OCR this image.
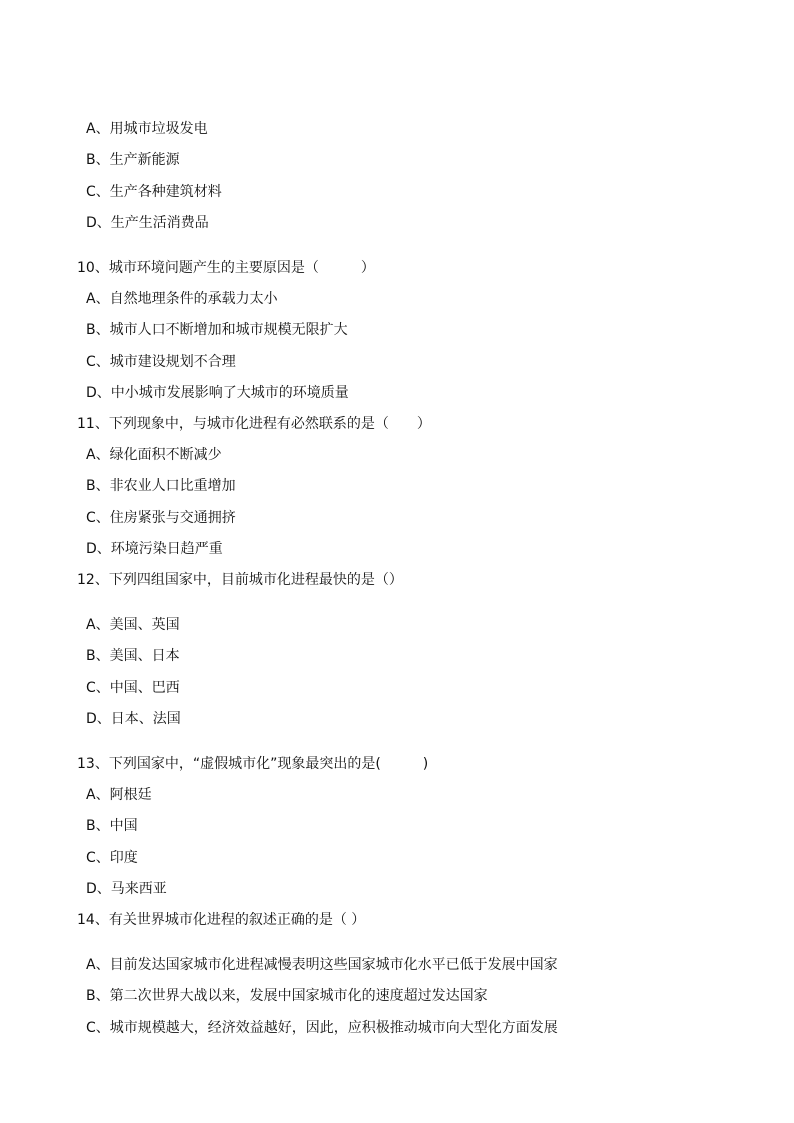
A、用城市垃圾发电
B、生产新能源
C、生产各种建筑材料
D、生产生活消费品
10、城市环境问题产生的主要原因是（　　　）
A、自然地理条件的承载力太小
B、城市人口不断增加和城市规模无限扩大
C、城市建设规划不合理
D、中小城市发展影响了大城市的环境质量
11、下列现象中，与城市化进程有必然联系的是（　　）
A、绿化面积不断减少
B、非农业人口比重增加
C、住房紧张与交通拥挤
D、环境污染日趋严重
12、下列四组国家中，目前城市化进程最快的是（）
A、美国、英国
B、美国、日本
C、中国、巴西
D、日本、法国
13、下列国家中，“虚假城市化”现象最突出的是(　　　)
A、阿根廷
B、中国
C、印度
D、马来西亚
14、有关世界城市化进程的叙述正确的是（ ）
A、目前发达国家城市化进程减慢表明这些国家城市化水平已低于发展中国家
B、第二次世界大战以来，发展中国家城市化的速度超过发达国家
C、城市规模越大，经济效益越好，因此，应积极推动城市向大型化方面发展
